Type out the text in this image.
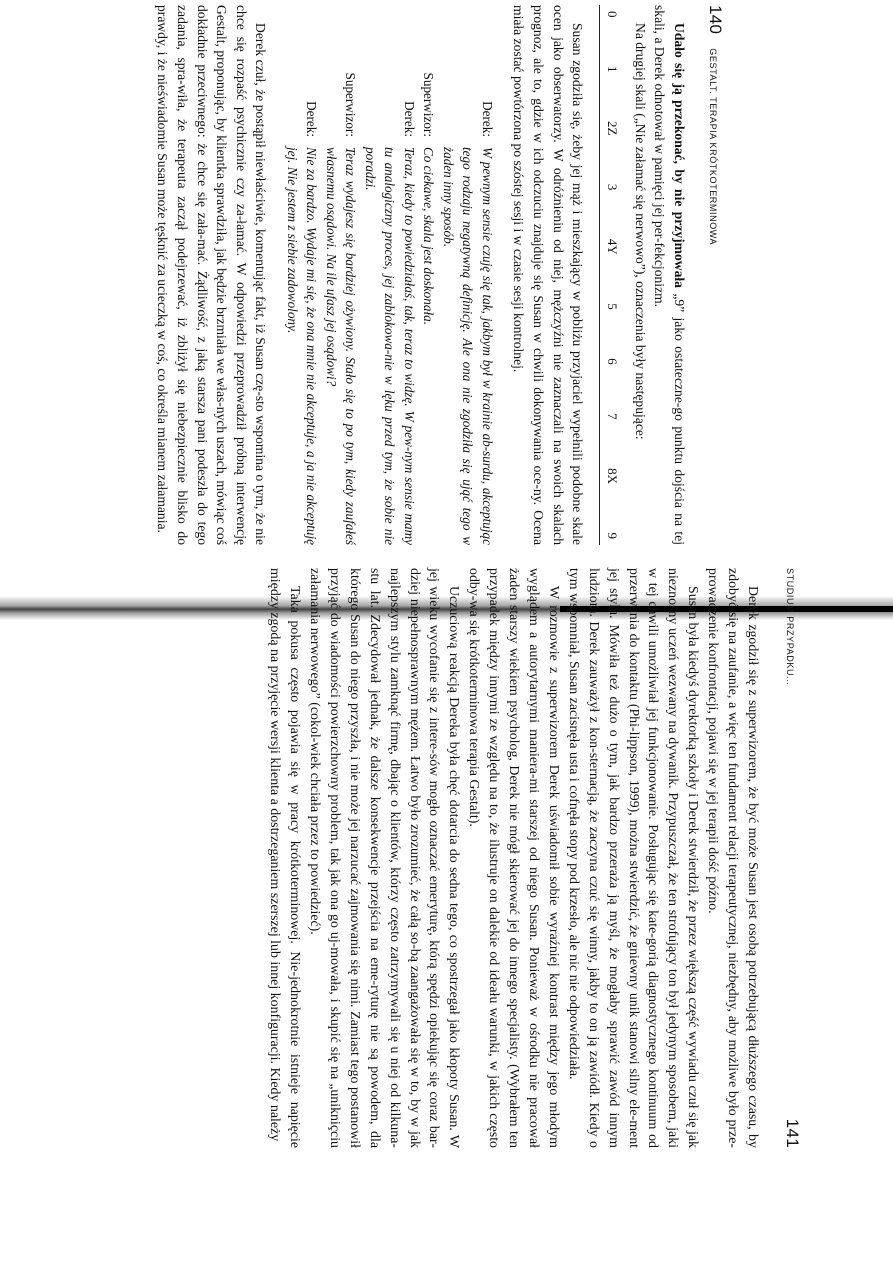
140
GESTALT. TERAPIA KRÓTKOTERMINOWA

Udało się ją przekonać, by nie przyjmowała „9” jako ostateczne-go punktu dojścia na tej skali, a Derek odnotował w pamięci jej per-fekcjonizm.

Na drugiej skali („Nie załamać się nerwowo”), oznaczenia były następujące:

0
1
2Z
3
4Y
5
6
7
8X
9

Susan zgodziła się, żeby jej mąż i mieszkający w pobliżu przyjaciel wypełnili podobne skale ocen jako obserwatorzy. W odróżnieniu od niej, mężczyźni nie zaznaczali na swoich skalach prognoz, ale to, gdzie w ich odczuciu znajduje się Susan w chwili dokonywania oce-ny. Ocena miała zostać powtórzona po szóstej sesji i w czasie sesji kontrolnej.

Derek:
W pewnym sensie czuję się tak, jakbym był w krainie ab-surdu, akceptując tego rodzaju negatywną definicję. Ale ona nie zgodziła się ująć tego w żaden inny sposób.
Superwizor:
Co ciekawe, skala jest doskonała.
Derek:
Teraz, kiedy to powiedziałaś, tak, teraz to widzę. W pew-nym sensie mamy tu analogiczny proces, jej zablokowa-nie w lęku przed tym, że sobie nie poradzi.
Superwizor:
Teraz wydajesz się bardziej ożywiony. Stało się to po tym, kiedy zaufałeś własnemu osądowi. Na ile ufasz jej osądowi?
Derek:
Nie za bardzo. Wydaje mi się, że ona mnie nie akceptuje, a ja nie akceptuję jej. Nie jestem z siebie zadowolony.

Derek czuł, że postąpił niewłaściwie, komentując fakt, iż Susan czę-sto wspomina o tym, że nie chce się rozpaść psychicznie czy za-łamać. W odpowiedzi przeprowadził próbną interwencję Gestalt, proponując, by klientka sprawdziła, jak będzie brzmiała we włas-nych uszach, mówiąc coś dokładnie przeciwnego: że chce się zała-mać. Żądliwość, z jaką starsza pani podeszła do tego zadania, spra-wiła, że terapeuta zaczął podejrzewać, iż zbliżył się niebezpiecznie blisko do prawdy, i że nieświadomie Susan może tęsknić za ucieczką w coś, co określa mianem załamania.

STUDIUM PRZYPADKU...
141

Derek zgodził się z superwizorem, że być może Susan jest osobą potrzebującą dłuższego czasu, by zdobyć się na zaufanie, a więc ten fundament relacji terapeutycznej, niezbędny, aby możliwe było prze-prowadzenie konfrontacji, pojawi się w jej terapii dość późno.

Susan była kiedyś dyrektorką szkoły i Derek stwierdził, że przez większą część wywiadu czuł się jak nieznośny uczeń wezwany na dywanik. Przypuszczał, że ten strofujący ton był jedynym sposobem, jaki w tej chwili umożliwiał jej funkcjonowanie. Posługując się kate-gorią diagnostycznego kontinuum od przerwania do kontaktu (Phi-lippson, 1999), można stwierdzić, że gniewny unik stanowi silny ele-ment jej stylu. Mówiła też dużo o tym, jak bardzo przeraża ją myśl, że mogłaby sprawić zawód innym ludziom. Derek zauważył z kon-sternacją, że zaczyna czuć się winny, jakby to on ją zawiódł. Kiedy o tym wspomniał, Susan zacisnęła usta i cofnęła stopy pod krzesło, ale nic nie odpowiedziała.

W rozmowie z superwizorem Derek uświadomił sobie wyraźniej kontrast między jego młodym wyglądem a autorytarnymi maniera-mi starszej od niego Susan. Ponieważ w ośrodku nie pracował żaden starszy wiekiem psycholog, Derek nie mógł skierować jej do innego specjalisty. (Wybrałem ten przypadek między innymi ze względu na to, że ilustruje on dalekie od ideału warunki, w jakich często odby-wa się krótkoterminowa terapia Gestalt).

Uczuciową reakcją Dereka była chęć dotarcia do sedna tego, co spostrzegał jako kłopoty Susan. W jej wieku wycofanie się z intere-sów mogło oznaczać emeryturę, którą spędzi opiekując się coraz bar-dziej niepełnosprawnym mężem. Łatwo było zrozumieć, że całą so-bą zaangażowała się w to, by w jak najlepszym stylu zamknąć firmę, dbając o klientów, którzy często zatrzymywali się u niej od kilkuna-stu lat. Zdecydował jednak, że dalsze konsekwencje przejścia na eme-ryturę nie są powodem, dla którego Susan do niego przyszła, i nie może jej narzucać zajmowania się nimi. Zamiast tego postanowił przyjąć do wiadomości powierzchowny problem, tak jak ona go uj-mowała, i skupić się na „unikniçciu załamania nerwowego” (cokol-wiek chciała przez to powiedzieć).

Taka pokusa często pojawia się w pracy krótkoterminowej. Nie-jednokrotnie istnieje napięcie między zgodą na przyjęcie wersji klienta a dostrzeganiem szerszej lub innej konfiguracji. Kiedy należy
